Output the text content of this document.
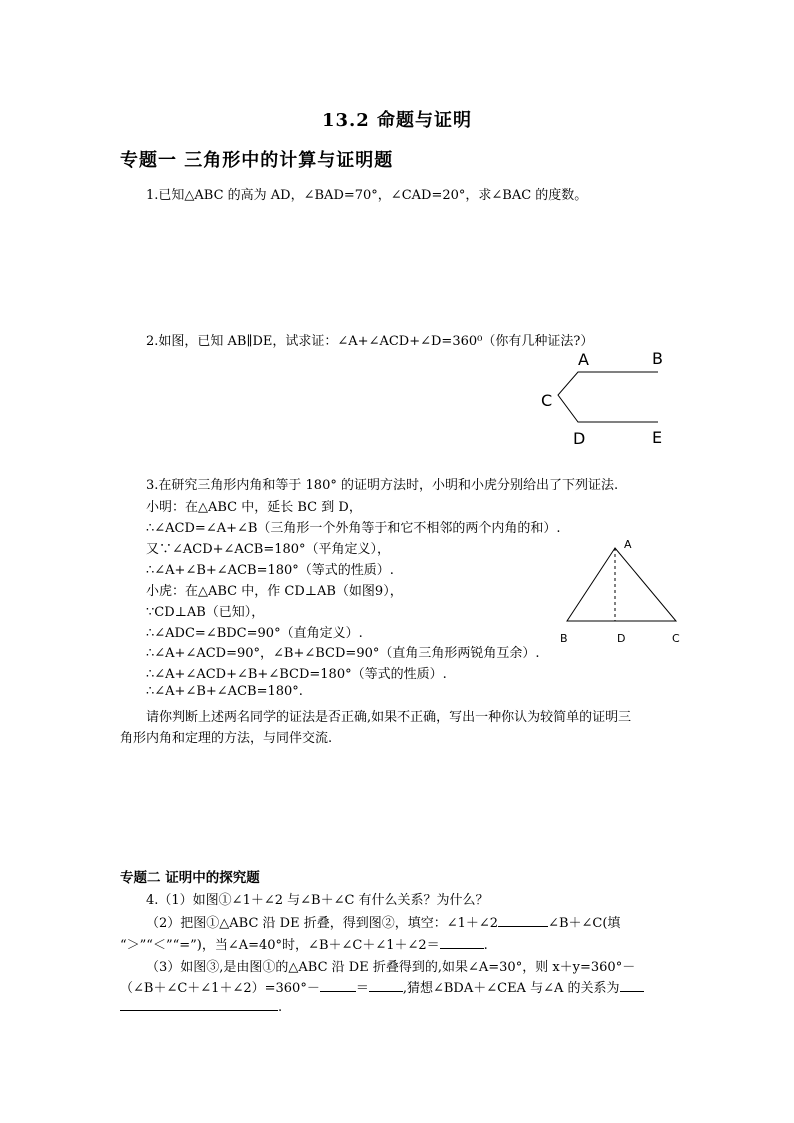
13.2 命题与证明
专题一 三角形中的计算与证明题
1.已知△ABC 的高为 AD，∠BAD=70°，∠CAD=20°，求∠BAC 的度数。
2.如图，已知 AB∥DE，试求证：∠A+∠ACD+∠D=360⁰（你有几种证法?）
A	B
C
D	E
3.在研究三角形内角和等于 180° 的证明方法时，小明和小虎分别给出了下列证法.
小明：在△ABC 中，延长 BC 到 D，
∴∠ACD=∠A+∠B（三角形一个外角等于和它不相邻的两个内角的和）.
又∵∠ACD+∠ACB=180°（平角定义），
∴∠A+∠B+∠ACB=180°（等式的性质）.
小虎：在△ABC 中，作 CD⊥AB（如图9），
∵CD⊥AB（已知），
∴∠ADC=∠BDC=90°（直角定义）.
∴∠A+∠ACD=90°，∠B+∠BCD=90°（直角三角形两锐角互余）.
∴∠A+∠ACD+∠B+∠BCD=180°（等式的性质）.
∴∠A+∠B+∠ACB=180°.
A
B	D	C
请你判断上述两名同学的证法是否正确,如果不正确，写出一种你认为较简单的证明三
角形内角和定理的方法，与同伴交流.
专题二 证明中的探究题
4.（1）如图①∠1＋∠2 与∠B＋∠C 有什么关系？为什么？
（2）把图①△ABC 沿 DE 折叠，得到图②，填空：∠1＋∠2	∠B＋∠C(填
“＞”“＜”“=”)，当∠A=40°时，∠B＋∠C＋∠1＋∠2＝	.
（3）如图③,是由图①的△ABC 沿 DE 折叠得到的,如果∠A=30°，则 x＋y=360°－
（∠B＋∠C＋∠1＋∠2）=360°－	＝	,猜想∠BDA＋∠CEA 与∠A 的关系为
.
